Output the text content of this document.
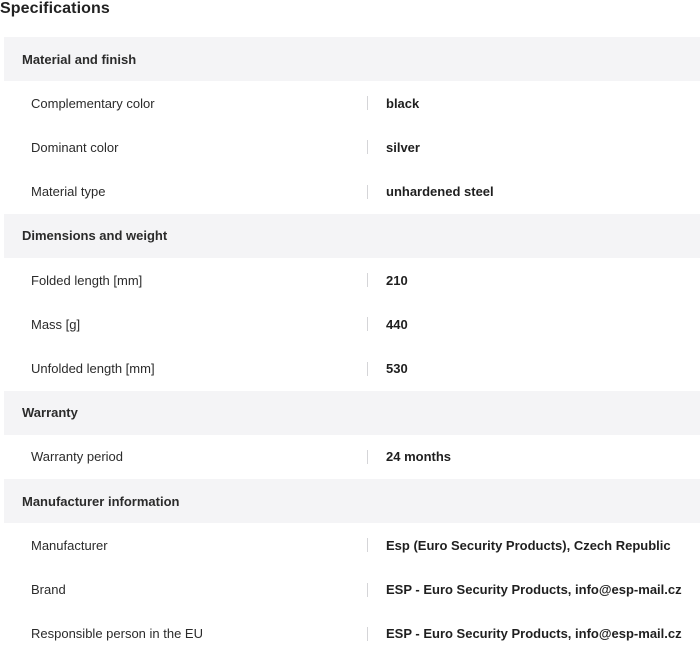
Specifications
Material and finish
Complementary color	black
Dominant color	silver
Material type	unhardened steel
Dimensions and weight
Folded length [mm]	210
Mass [g]	440
Unfolded length [mm]	530
Warranty
Warranty period	24 months
Manufacturer information
Manufacturer	Esp (Euro Security Products), Czech Republic
Brand	ESP - Euro Security Products, info@esp-mail.cz
Responsible person in the EU	ESP - Euro Security Products, info@esp-mail.cz
